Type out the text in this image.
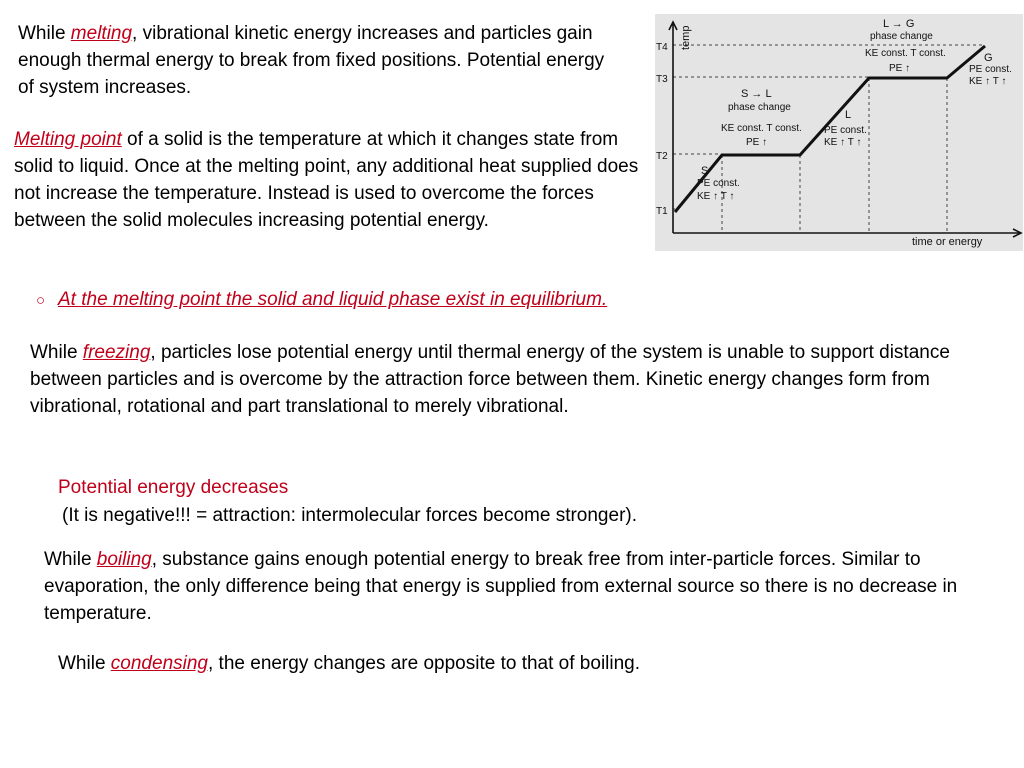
While melting, vibrational kinetic energy increases and particles gain enough thermal energy to break from fixed positions. Potential energy of system increases.
Melting point of a solid is the temperature at which it changes state from solid to liquid. Once at the melting point, any additional heat supplied does not increase the temperature. Instead is used to overcome the forces between the solid molecules increasing potential energy.
○ At the melting point the solid and liquid phase exist in equilibrium.
While freezing, particles lose potential energy until thermal energy of the system is unable to support distance between particles and is overcome by the attraction force between them. Kinetic energy changes form from vibrational, rotational and part translational to merely vibrational.
Potential energy decreases
(It is negative!!! = attraction: intermolecular forces become stronger).
While boiling, substance gains enough potential energy to break free from inter-particle forces. Similar to evaporation, the only difference being that energy is supplied from external source so there is no decrease in temperature.
While condensing, the energy changes are opposite to that of boiling.
temp
time or energy
T4
T3
T2
T1
S
PE const.
KE ↑ T ↑
S → L
phase change
KE const. T const.
PE ↑
L
PE const.
KE ↑ T ↑
L → G
phase change
KE const. T const.
PE ↑
G
PE const.
KE ↑ T ↑
